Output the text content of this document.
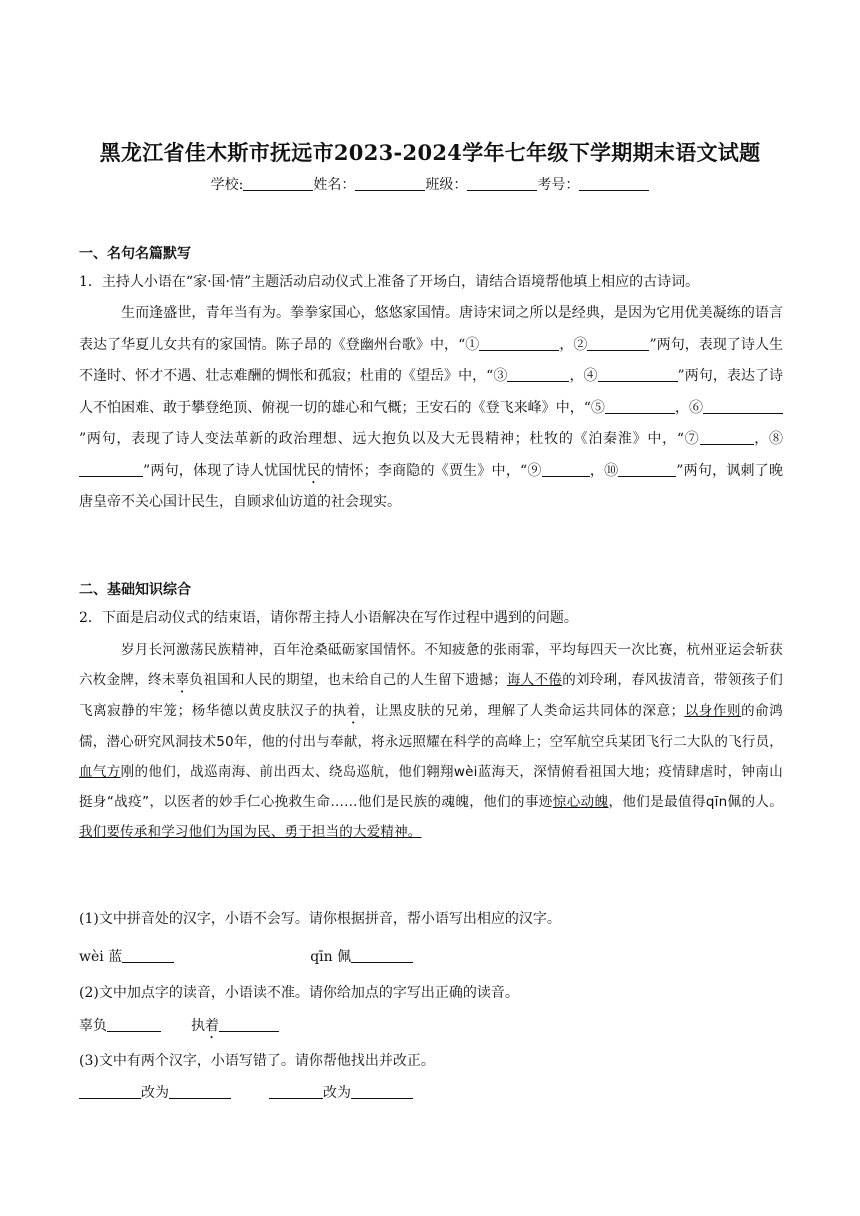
黑龙江省佳木斯市抚远市2023-2024学年七年级下学期期末语文试题
学校:	姓名：	班级：	考号：
一、名句名篇默写
1．主持人小语在“家·国·情”主题活动启动仪式上准备了开场白，请结合语境帮他填上相应的古诗词。
生而逢盛世，青年当有为。拳拳家国心，悠悠家国情。唐诗宋词之所以是经典，是因为它用优美凝练的语言表达了华夏儿女共有的家国情。陈子昂的《登幽州台歌》中，“①	，②	”两句，表现了诗人生不逢时、怀才不遇、壮志难酬的惆怅和孤寂；杜甫的《望岳》中，“③	，④	”两句，表达了诗人不怕困难、敢于攀登绝顶、俯视一切的雄心和气概；王安石的《登飞来峰》中，“⑤	，⑥”两句，表现了诗人变法革新的政治理想、远大抱负以及大无畏精神；杜牧的《泊秦淮》中，“⑦	，⑧”两句，体现了诗人忧国忧民的情怀；李商隐的《贾生》中，“⑨	，⑩	”两句，讽刺了晚唐皇帝不关心国计民生，自顾求仙访道的社会现实。
二、基础知识综合
2．下面是启动仪式的结束语，请你帮主持人小语解决在写作过程中遇到的问题。
岁月长河激荡民族精神，百年沧桑砥砺家国情怀。不知疲惫的张雨霏，平均每四天一次比赛，杭州亚运会斩获六枚金牌，终未辜负祖国和人民的期望，也未给自己的人生留下遗撼；诲人不倦的刘玲琍，春风拔清音，带领孩子们飞离寂静的牢笼；杨华德以黄皮肤汉子的执着，让黑皮肤的兄弟，理解了人类命运共同体的深意；以身作则的俞鸿儒，潜心研究风洞技术50年，他的付出与奉献，将永远照耀在科学的高峰上；空军航空兵某团飞行二大队的飞行员，血气方刚的他们，战巡南海、前出西太、绕岛巡航，他们翱翔wèi蓝海天，深情俯看祖国大地；疫情肆虐时，钟南山挺身“战疫”，以医者的妙手仁心挽救生命……他们是民族的魂魄，他们的事迹惊心动魄，他们是最值得qīn佩的人。我们要传承和学习他们为国为民、勇于担当的大爱精神。
(1)文中拼音处的汉字，小语不会写。请你根据拼音，帮小语写出相应的汉字。
wèi 蓝	qīn 佩
(2)文中加点字的读音，小语读不准。请你给加点的字写出正确的读音。
辜负	执着
(3)文中有两个汉字，小语写错了。请你帮他找出并改正。
改为	改为
